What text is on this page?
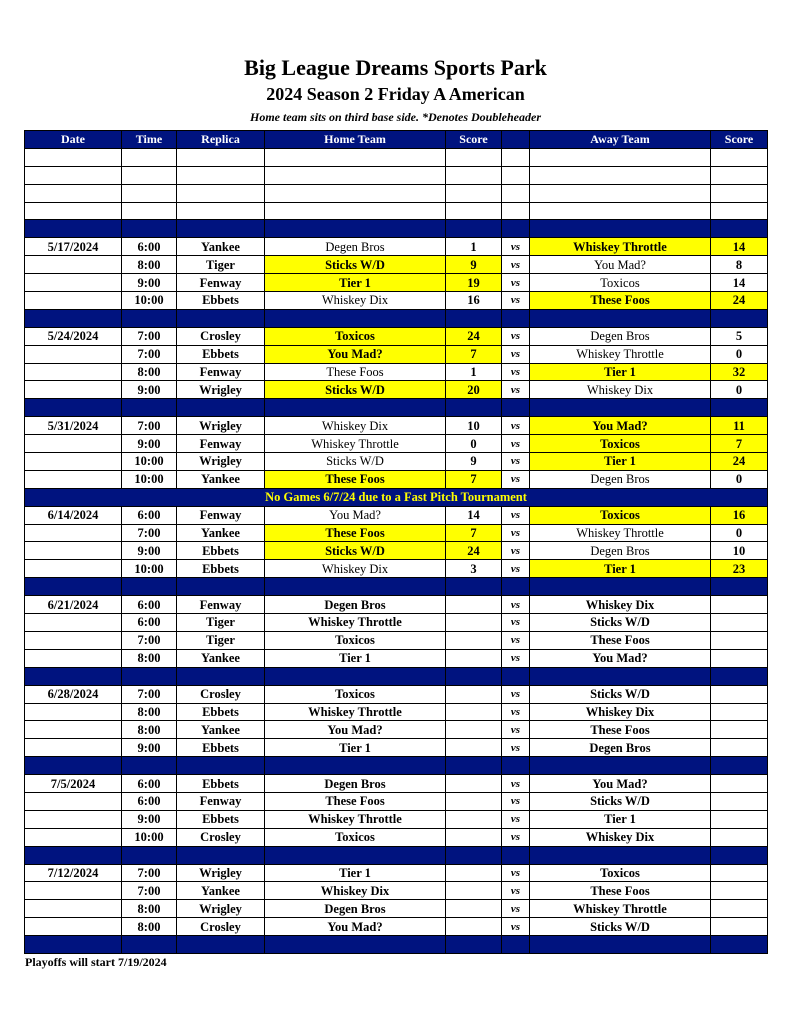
Big League Dreams Sports Park
2024 Season 2 Friday A American
Home team sits on third base side. *Denotes Doubleheader
Date	Time	Replica	Home Team	Score		Away Team	Score

5/17/2024	6:00	Yankee	Degen Bros	1	vs	Whiskey Throttle	14
	8:00	Tiger	Sticks W/D	9	vs	You Mad?	8
	9:00	Fenway	Tier 1	19	vs	Toxicos	14
	10:00	Ebbets	Whiskey Dix	16	vs	These Foos	24

5/24/2024	7:00	Crosley	Toxicos	24	vs	Degen Bros	5
	7:00	Ebbets	You Mad?	7	vs	Whiskey Throttle	0
	8:00	Fenway	These Foos	1	vs	Tier 1	32
	9:00	Wrigley	Sticks W/D	20	vs	Whiskey Dix	0

5/31/2024	7:00	Wrigley	Whiskey Dix	10	vs	You Mad?	11
	9:00	Fenway	Whiskey Throttle	0	vs	Toxicos	7
	10:00	Wrigley	Sticks W/D	9	vs	Tier 1	24
	10:00	Yankee	These Foos	7	vs	Degen Bros	0
No Games 6/7/24 due to a Fast Pitch Tournament							
6/14/2024	6:00	Fenway	You Mad?	14	vs	Toxicos	16
	7:00	Yankee	These Foos	7	vs	Whiskey Throttle	0
	9:00	Ebbets	Sticks W/D	24	vs	Degen Bros	10
	10:00	Ebbets	Whiskey Dix	3	vs	Tier 1	23

6/21/2024	6:00	Fenway	Degen Bros		vs	Whiskey Dix	
	6:00	Tiger	Whiskey Throttle		vs	Sticks W/D	
	7:00	Tiger	Toxicos		vs	These Foos	
	8:00	Yankee	Tier 1		vs	You Mad?	

6/28/2024	7:00	Crosley	Toxicos		vs	Sticks W/D	
	8:00	Ebbets	Whiskey Throttle		vs	Whiskey Dix	
	8:00	Yankee	You Mad?		vs	These Foos	
	9:00	Ebbets	Tier 1		vs	Degen Bros	

7/5/2024	6:00	Ebbets	Degen Bros		vs	You Mad?	
	6:00	Fenway	These Foos		vs	Sticks W/D	
	9:00	Ebbets	Whiskey Throttle		vs	Tier 1	
	10:00	Crosley	Toxicos		vs	Whiskey Dix	

7/12/2024	7:00	Wrigley	Tier 1		vs	Toxicos	
	7:00	Yankee	Whiskey Dix		vs	These Foos	
	8:00	Wrigley	Degen Bros		vs	Whiskey Throttle	
	8:00	Crosley	You Mad?		vs	Sticks W/D	

Playoffs will start 7/19/2024
